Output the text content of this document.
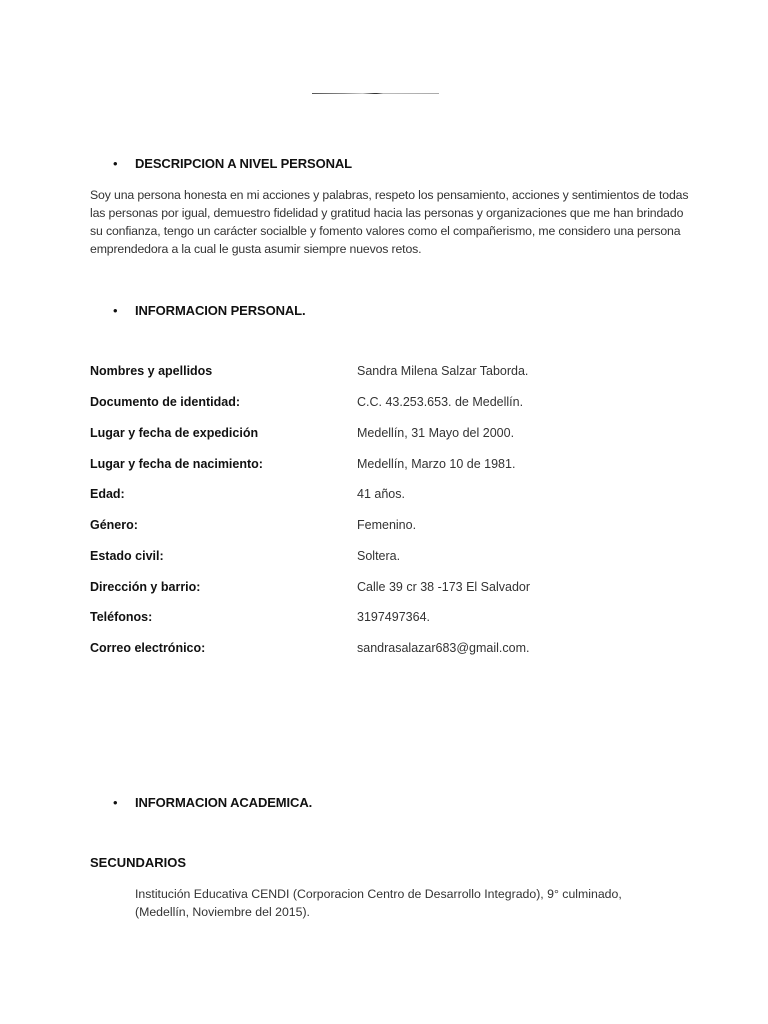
• DESCRIPCION A NIVEL PERSONAL
Soy una persona honesta en mi acciones y palabras, respeto los pensamiento, acciones y sentimientos de todas las personas por igual, demuestro fidelidad y gratitud hacia las personas y organizaciones que me han brindado su confianza, tengo un carácter socialble y fomento valores como el compañerismo, me considero una persona emprendedora a la cual le gusta asumir siempre nuevos retos.
• INFORMACION PERSONAL.
Nombres y apellidos	Sandra Milena Salzar Taborda.
Documento de identidad:	C.C. 43.253.653. de Medellín.
Lugar y fecha de expedición	Medellín, 31 Mayo del 2000.
Lugar y fecha de nacimiento:	Medellín, Marzo 10 de 1981.
Edad:	41 años.
Género:	Femenino.
Estado civil:	Soltera.
Dirección y barrio:	Calle 39 cr 38 -173 El Salvador
Teléfonos:	3197497364.
Correo electrónico:	sandrasalazar683@gmail.com.
• INFORMACION ACADEMICA.
SECUNDARIOS
Institución Educativa CENDI (Corporacion Centro de Desarrollo Integrado), 9° culminado, (Medellín, Noviembre del 2015).
